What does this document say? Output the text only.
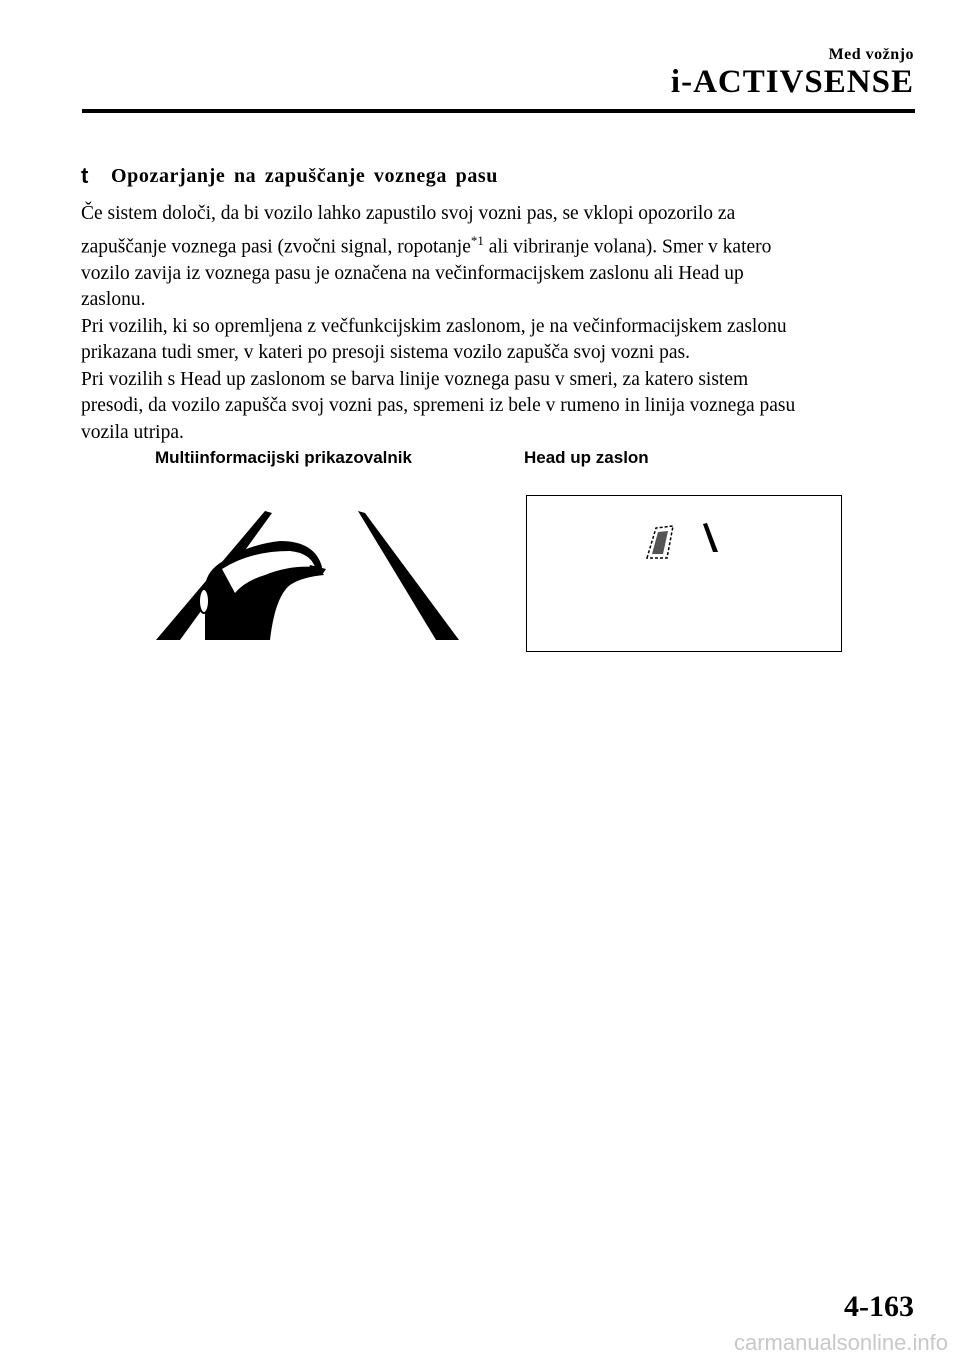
Med vožnjo
i-ACTIVSENSE
t Opozarjanje na zapuščanje voznega pasu
Če sistem določi, da bi vozilo lahko zapustilo svoj vozni pas, se vklopi opozorilo za
zapuščanje voznega pasi (zvočni signal, ropotanje$^{*1}$ ali vibriranje volana). Smer v katero
vozilo zavija iz voznega pasu je označena na večinformacijskem zaslonu ali Head up
zaslonu.
Pri vozilih, ki so opremljena z večfunkcijskim zaslonom, je na večinformacijskem zaslonu
prikazana tudi smer, v kateri po presoji sistema vozilo zapušča svoj vozni pas.
Pri vozilih s Head up zaslonom se barva linije voznega pasu v smeri, za katero sistem
presodi, da vozilo zapušča svoj vozni pas, spremeni iz bele v rumeno in linija voznega pasu
vozila utripa.
Multiinformacijski prikazovalnik	Head up zaslon
4-163
carmanualsonline.info
